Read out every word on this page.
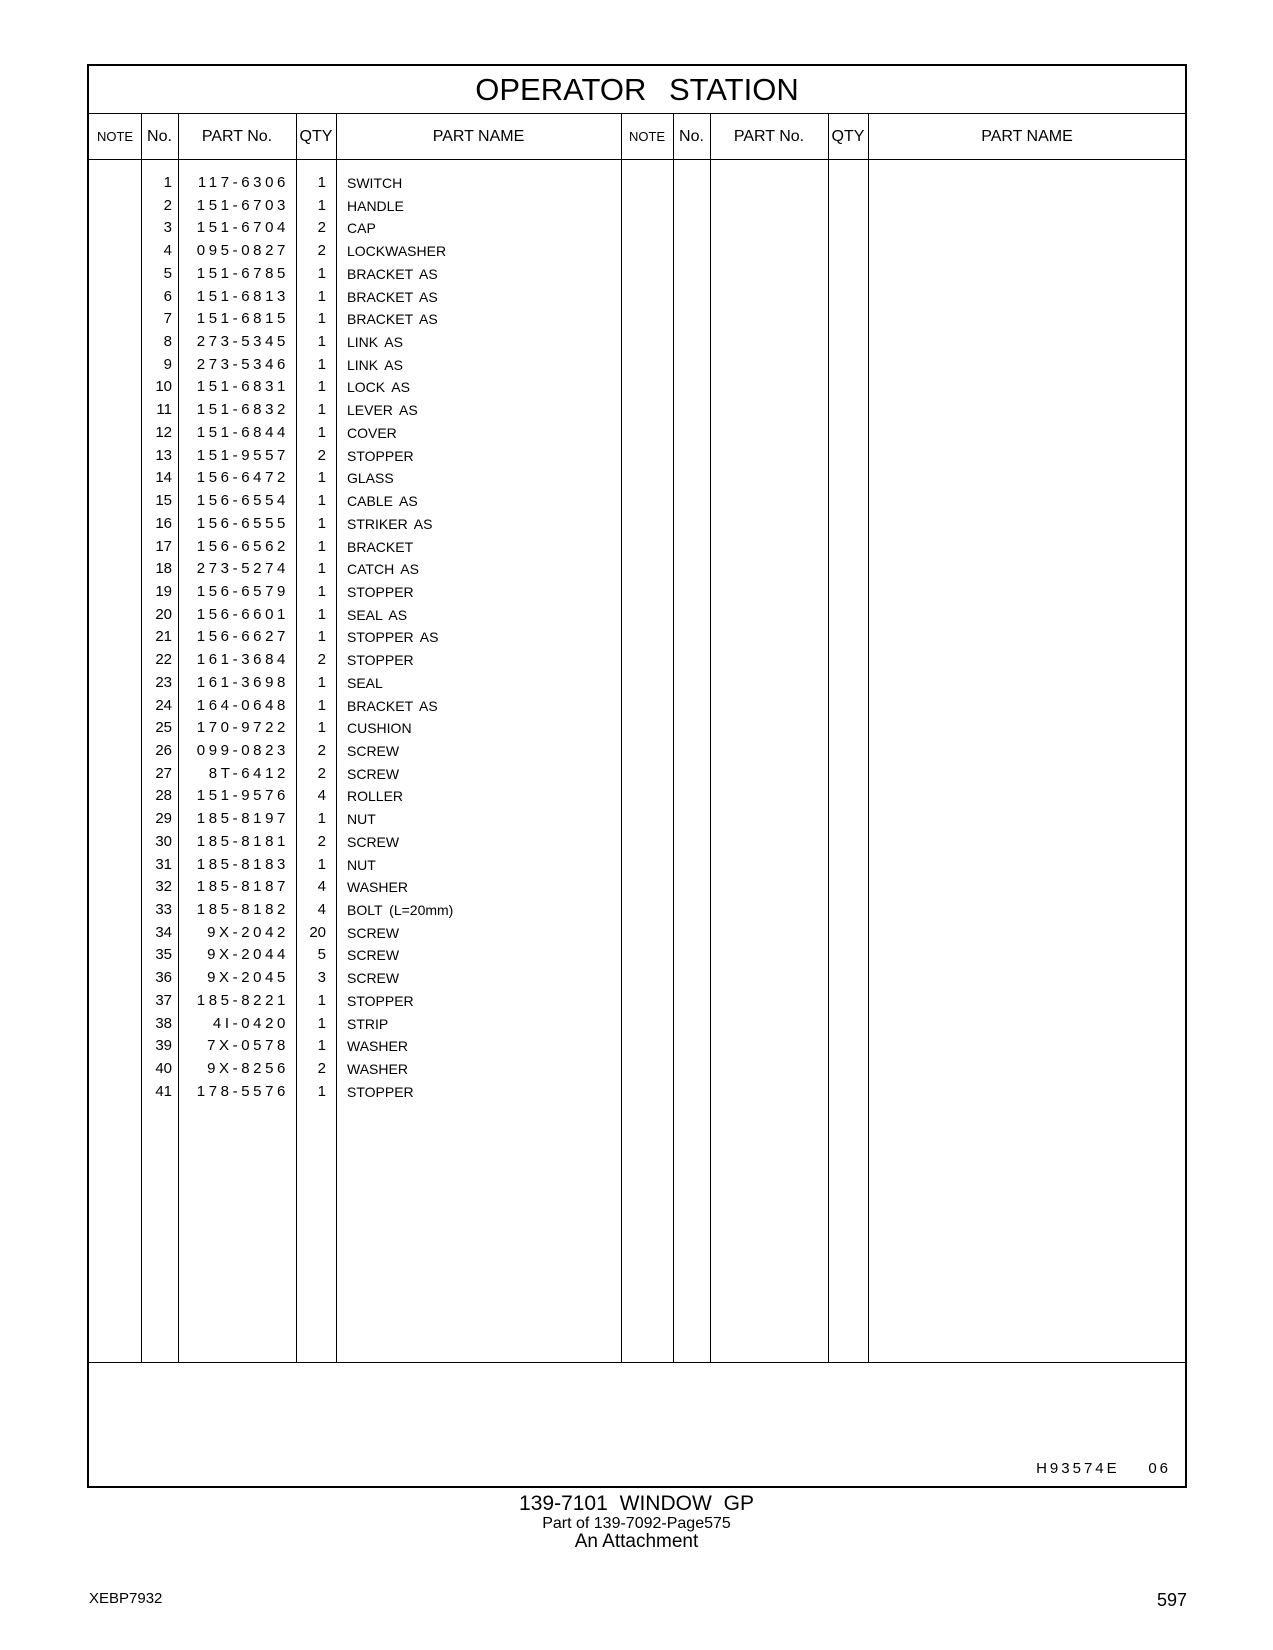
OPERATOR STATION
NOTE No.	PART No.	QTY	PART NAME	NOTE No.	PART No.	QTY	PART NAME
1	117-6306	1 SWITCH
2	151-6703	1 HANDLE
3	151-6704	2 CAP
4	095-0827	2 LOCKWASHER
5	151-6785	1 BRACKET AS
6	151-6813	1 BRACKET AS
7	151-6815	1 BRACKET AS
8	273-5345	1 LINK AS
9	273-5346	1 LINK AS
10	151-6831	1 LOCK AS
11	151-6832	1 LEVER AS
12	151-6844	1 COVER
13	151-9557	2 STOPPER
14	156-6472	1 GLASS
15	156-6554	1 CABLE AS
16	156-6555	1 STRIKER AS
17	156-6562	1 BRACKET
18	273-5274	1 CATCH AS
19	156-6579	1 STOPPER
20	156-6601	1 SEAL AS
21	156-6627	1 STOPPER AS
22	161-3684	2 STOPPER
23	161-3698	1 SEAL
24	164-0648	1 BRACKET AS
25	170-9722	1 CUSHION
26	099-0823	2 SCREW
27	8T-6412	2 SCREW
28	151-9576	4 ROLLER
29	185-8197	1 NUT
30	185-8181	2 SCREW
31	185-8183	1 NUT
32	185-8187	4 WASHER
33	185-8182	4 BOLT (L=20mm)
34	9X-2042	20 SCREW
35	9X-2044	5 SCREW
36	9X-2045	3 SCREW
37	185-8221	1 STOPPER
38	4I-0420	1 STRIP
39	7X-0578	1 WASHER
40	9X-8256	2 WASHER
41	178-5576	1 STOPPER
H93574E    06
139-7101 WINDOW GP
Part of 139-7092-Page575
An Attachment
XEBP7932	597
